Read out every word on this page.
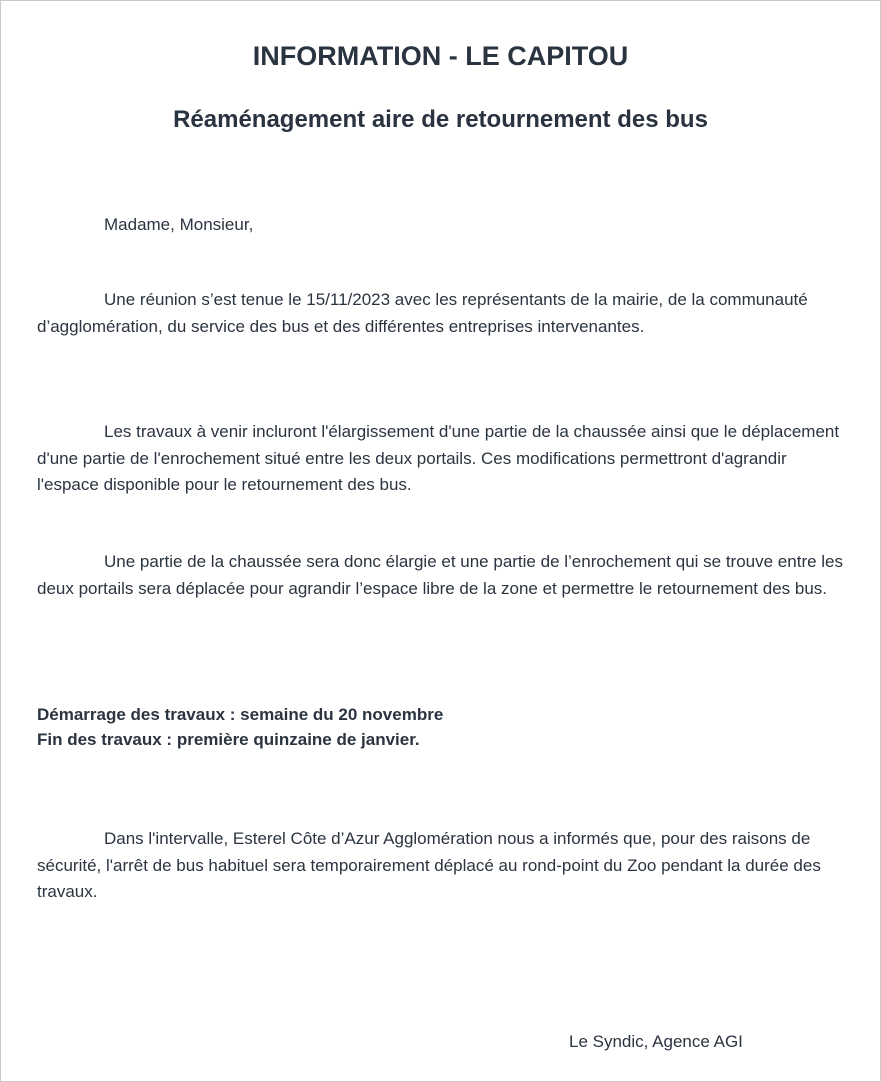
INFORMATION - LE CAPITOU
Réaménagement aire de retournement des bus

Madame, Monsieur,

Une réunion s’est tenue le 15/11/2023 avec les représentants de la mairie, de la communauté d’agglomération, du service des bus et des différentes entreprises intervenantes.

Les travaux à venir incluront l'élargissement d'une partie de la chaussée ainsi que le déplacement d'une partie de l'enrochement situé entre les deux portails. Ces modifications permettront d'agrandir l'espace disponible pour le retournement des bus.

Une partie de la chaussée sera donc élargie et une partie de l’enrochement qui se trouve entre les deux portails sera déplacée pour agrandir l’espace libre de la zone et permettre le retournement des bus.

Démarrage des travaux : semaine du 20 novembre
Fin des travaux : première quinzaine de janvier.

Dans l'intervalle, Esterel Côte d’Azur Agglomération nous a informés que, pour des raisons de sécurité, l'arrêt de bus habituel sera temporairement déplacé au rond-point du Zoo pendant la durée des travaux.

Le Syndic, Agence AGI
